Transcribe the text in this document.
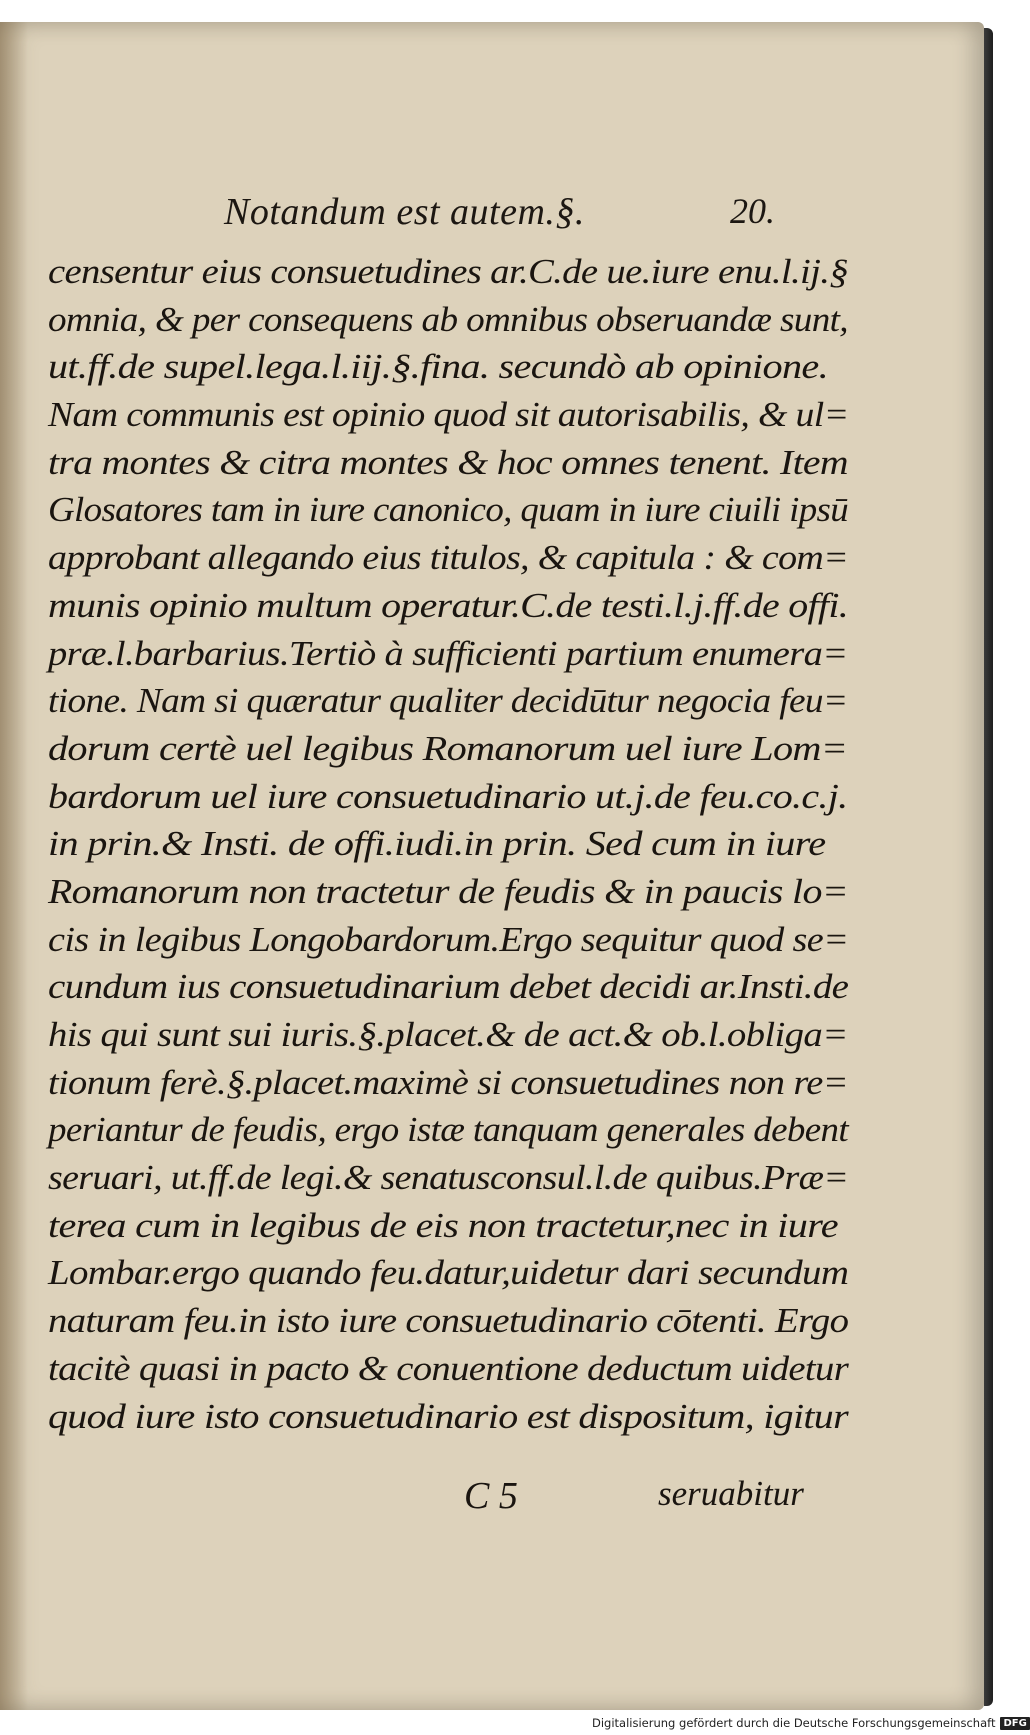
Notandum est autem.§.	20.
censentur eius consuetudines ar.C.de ue.iure enu.l.ij.§
omnia, & per consequens ab omnibus obseruandæ sunt,
ut.ff.de supel.lega.l.iij.§.fina. secundò ab opinione.
Nam communis est opinio quod sit autorisabilis, & ul=
tra montes & citra montes & hoc omnes tenent. Item
Glosatores tam in iure canonico, quam in iure ciuili ipsū
approbant allegando eius titulos, & capitula : & com=
munis opinio multum operatur.C.de testi.l.j.ff.de offi.
præ.l.barbarius.Tertiò à sufficienti partium enumera=
tione. Nam si quæratur qualiter decidūtur negocia feu=
dorum certè uel legibus Romanorum uel iure Lom=
bardorum uel iure consuetudinario ut.j.de feu.co.c.j.
in prin.& Insti. de offi.iudi.in prin. Sed cum in iure
Romanorum non tractetur de feudis & in paucis lo=
cis in legibus Longobardorum.Ergo sequitur quod se=
cundum ius consuetudinarium debet decidi ar.Insti.de
his qui sunt sui iuris.§.placet.& de act.& ob.l.obliga=
tionum ferè.§.placet.maximè si consuetudines non re=
periantur de feudis, ergo istæ tanquam generales debent
seruari, ut.ff.de legi.& senatusconsul.l.de quibus.Præ=
terea cum in legibus de eis non tractetur,nec in iure
Lombar.ergo quando feu.datur,uidetur dari secundum
naturam feu.in isto iure consuetudinario cōtenti. Ergo
tacitè quasi in pacto & conuentione deductum uidetur
quod iure isto consuetudinario est dispositum, igitur
C 5	seruabitur
Digitalisierung gefördert durch die Deutsche Forschungsgemeinschaft DFG
